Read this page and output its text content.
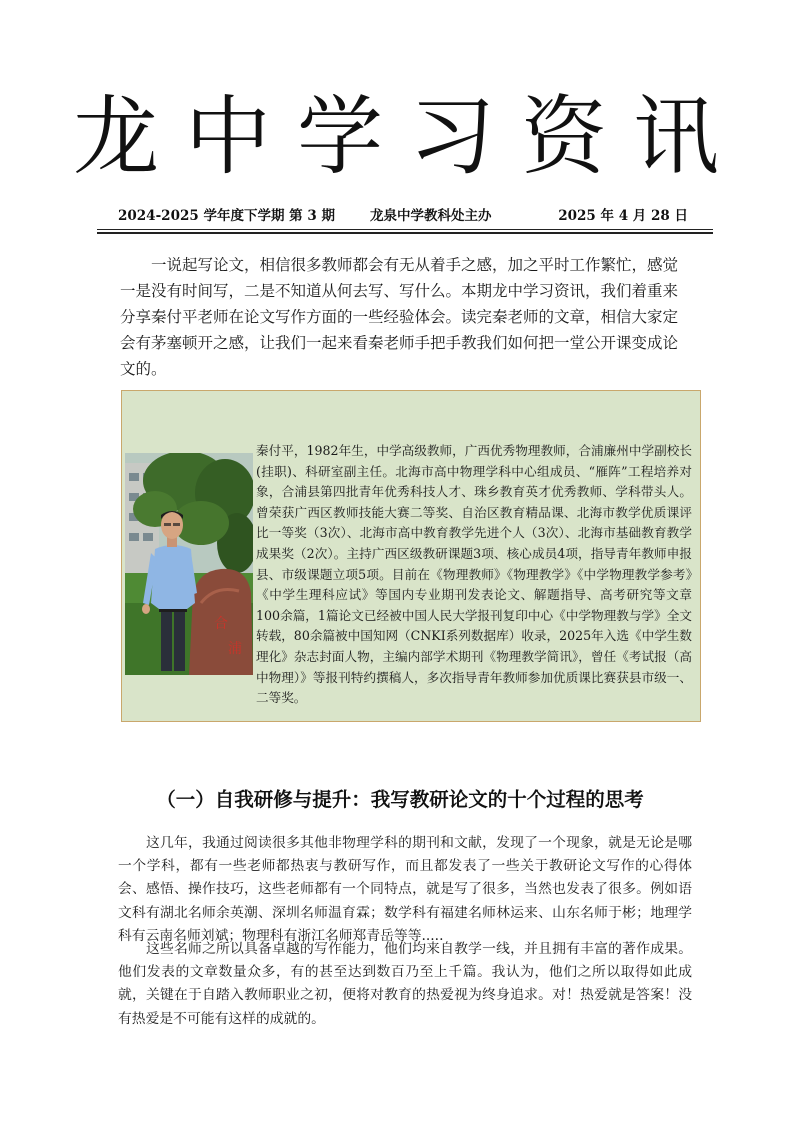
龙中学习资讯
2024-2025 学年度下学期 第 3 期	龙泉中学教科处主办	2025 年 4 月 28 日

一说起写论文，相信很多教师都会有无从着手之感，加之平时工作繁忙，感觉一是没有时间写，二是不知道从何去写、写什么。本期龙中学习资讯，我们着重来分享秦付平老师在论文写作方面的一些经验体会。读完秦老师的文章，相信大家定会有茅塞顿开之感，让我们一起来看秦老师手把手教我们如何把一堂公开课变成论文的。

合
浦

秦付平，1982年生，中学高级教师，广西优秀物理教师，合浦廉州中学副校长(挂职)、科研室副主任。北海市高中物理学科中心组成员、“雁阵”工程培养对象，合浦县第四批青年优秀科技人才、珠乡教育英才优秀教师、学科带头人。曾荣获广西区教师技能大赛二等奖、自治区教育精品课、北海市教学优质课评比一等奖（3次）、北海市高中教育教学先进个人（3次）、北海市基础教育教学成果奖（2次）。主持广西区级教研课题3项、核心成员4项，指导青年教师申报县、市级课题立项5项。目前在《物理教师》《物理教学》《中学物理教学参考》《中学生理科应试》等国内专业期刊发表论文、解题指导、高考研究等文章100余篇，1篇论文已经被中国人民大学报刊复印中心《中学物理教与学》全文转载，80余篇被中国知网（CNKI系列数据库）收录，2025年入选《中学生数理化》杂志封面人物，主编内部学术期刊《物理教学简讯》，曾任《考试报（高中物理）》等报刊特约撰稿人，多次指导青年教师参加优质课比赛获县市级一、二等奖。

（一）自我研修与提升：我写教研论文的十个过程的思考

这几年，我通过阅读很多其他非物理学科的期刊和文献，发现了一个现象，就是无论是哪一个学科，都有一些老师都热衷与教研写作，而且都发表了一些关于教研论文写作的心得体会、感悟、操作技巧，这些老师都有一个同特点，就是写了很多，当然也发表了很多。例如语文科有湖北名师余英潮、深圳名师温育霖；数学科有福建名师林运来、山东名师于彬；地理学科有云南名师刘斌；物理科有浙江名师郑青岳等等.....

这些名师之所以具备卓越的写作能力，他们均来自教学一线，并且拥有丰富的著作成果。他们发表的文章数量众多，有的甚至达到数百乃至上千篇。我认为，他们之所以取得如此成就，关键在于自踏入教师职业之初，便将对教育的热爱视为终身追求。对！热爱就是答案！没有热爱是不可能有这样的成就的。
